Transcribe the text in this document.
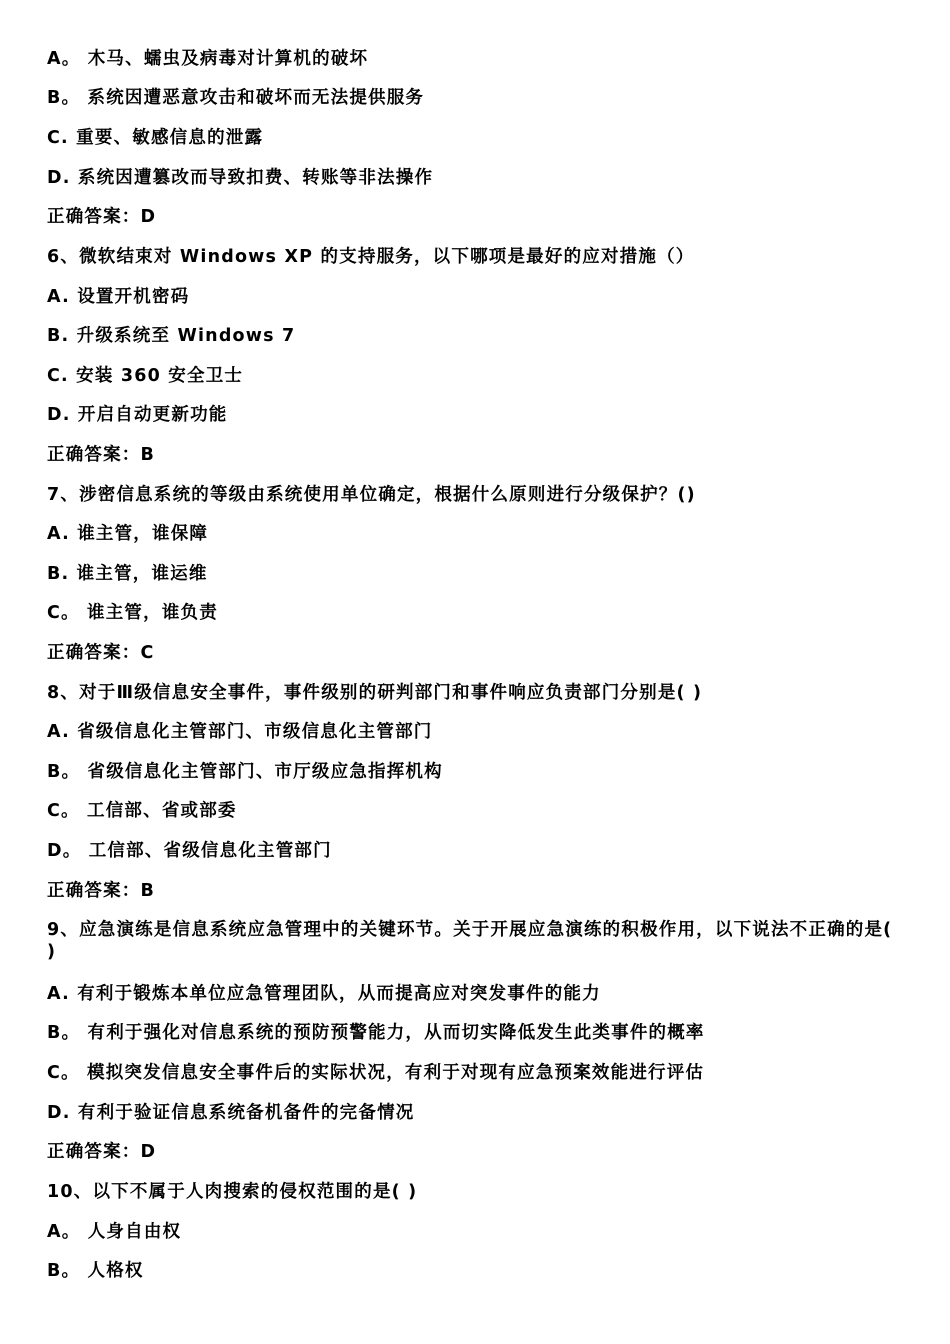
A。 木马、蠕虫及病毒对计算机的破坏
B。 系统因遭恶意攻击和破坏而无法提供服务
C. 重要、敏感信息的泄露
D. 系统因遭篡改而导致扣费、转账等非法操作
正确答案：D
6、微软结束对 Windows XP 的支持服务，以下哪项是最好的应对措施（）
A. 设置开机密码
B. 升级系统至 Windows 7
C. 安装 360 安全卫士
D. 开启自动更新功能
正确答案：B
7、涉密信息系统的等级由系统使用单位确定，根据什么原则进行分级保护？()
A. 谁主管，谁保障
B. 谁主管，谁运维
C。 谁主管，谁负责
正确答案：C
8、对于Ⅲ级信息安全事件，事件级别的研判部门和事件响应负责部门分别是( )
A. 省级信息化主管部门、市级信息化主管部门
B。 省级信息化主管部门、市厅级应急指挥机构
C。 工信部、省或部委
D。 工信部、省级信息化主管部门
正确答案：B
9、应急演练是信息系统应急管理中的关键环节。关于开展应急演练的积极作用，以下说法不正确的是( )
A. 有利于锻炼本单位应急管理团队，从而提高应对突发事件的能力
B。 有利于强化对信息系统的预防预警能力，从而切实降低发生此类事件的概率
C。 模拟突发信息安全事件后的实际状况，有利于对现有应急预案效能进行评估
D. 有利于验证信息系统备机备件的完备情况
正确答案：D
10、以下不属于人肉搜索的侵权范围的是( )
A。 人身自由权
B。 人格权
